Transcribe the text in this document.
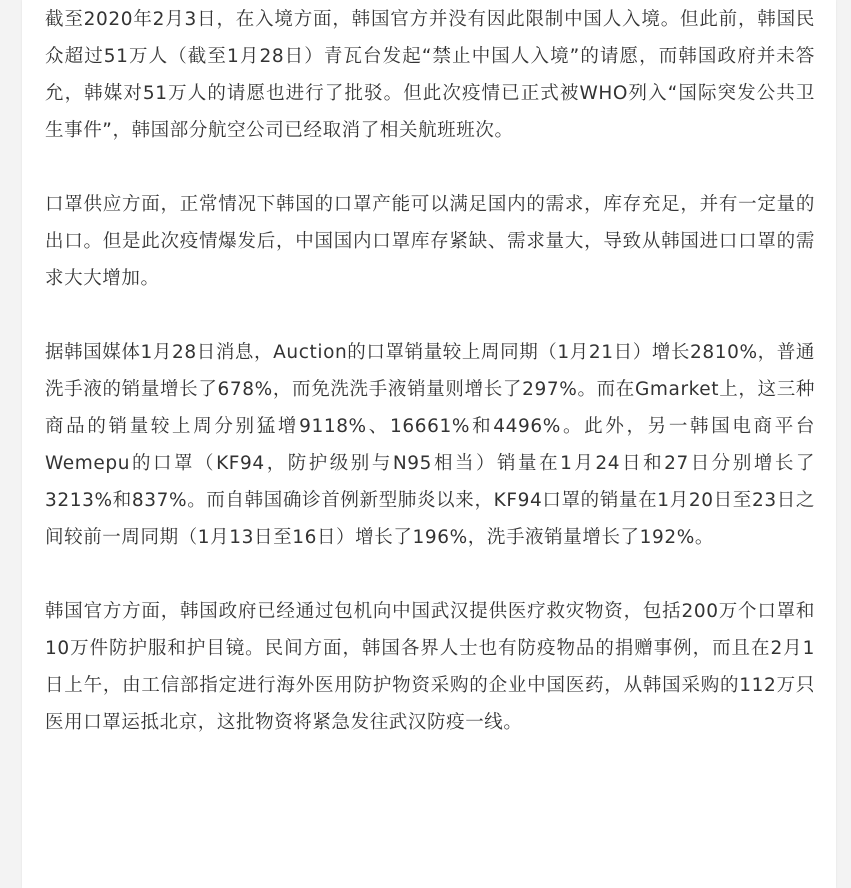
截至2020年2月3日，在入境方面，韩国官方并没有因此限制中国人入境。但此前，韩国民众超过51万人（截至1月28日）青瓦台发起“禁止中国人入境”的请愿，而韩国政府并未答允，韩媒对51万人的请愿也进行了批驳。但此次疫情已正式被WHO列入“国际突发公共卫生事件”，韩国部分航空公司已经取消了相关航班班次。

口罩供应方面，正常情况下韩国的口罩产能可以满足国内的需求，库存充足，并有一定量的出口。但是此次疫情爆发后，中国国内口罩库存紧缺、需求量大，导致从韩国进口口罩的需求大大增加。

据韩国媒体1月28日消息，Auction的口罩销量较上周同期（1月21日）增长2810%，普通洗手液的销量增长了678%，而免洗洗手液销量则增长了297%。而在Gmarket上，这三种商品的销量较上周分别猛增9118%、16661%和4496%。此外，另一韩国电商平台Wemepu的口罩（KF94，防护级别与N95相当）销量在1月24日和27日分别增长了3213%和837%。而自韩国确诊首例新型肺炎以来，KF94口罩的销量在1月20日至23日之间较前一周同期（1月13日至16日）增长了196%，洗手液销量增长了192%。

韩国官方方面，韩国政府已经通过包机向中国武汉提供医疗救灾物资，包括200万个口罩和10万件防护服和护目镜。民间方面，韩国各界人士也有防疫物品的捐赠事例，而且在2月1日上午，由工信部指定进行海外医用防护物资采购的企业中国医药，从韩国采购的112万只医用口罩运抵北京，这批物资将紧急发往武汉防疫一线。
